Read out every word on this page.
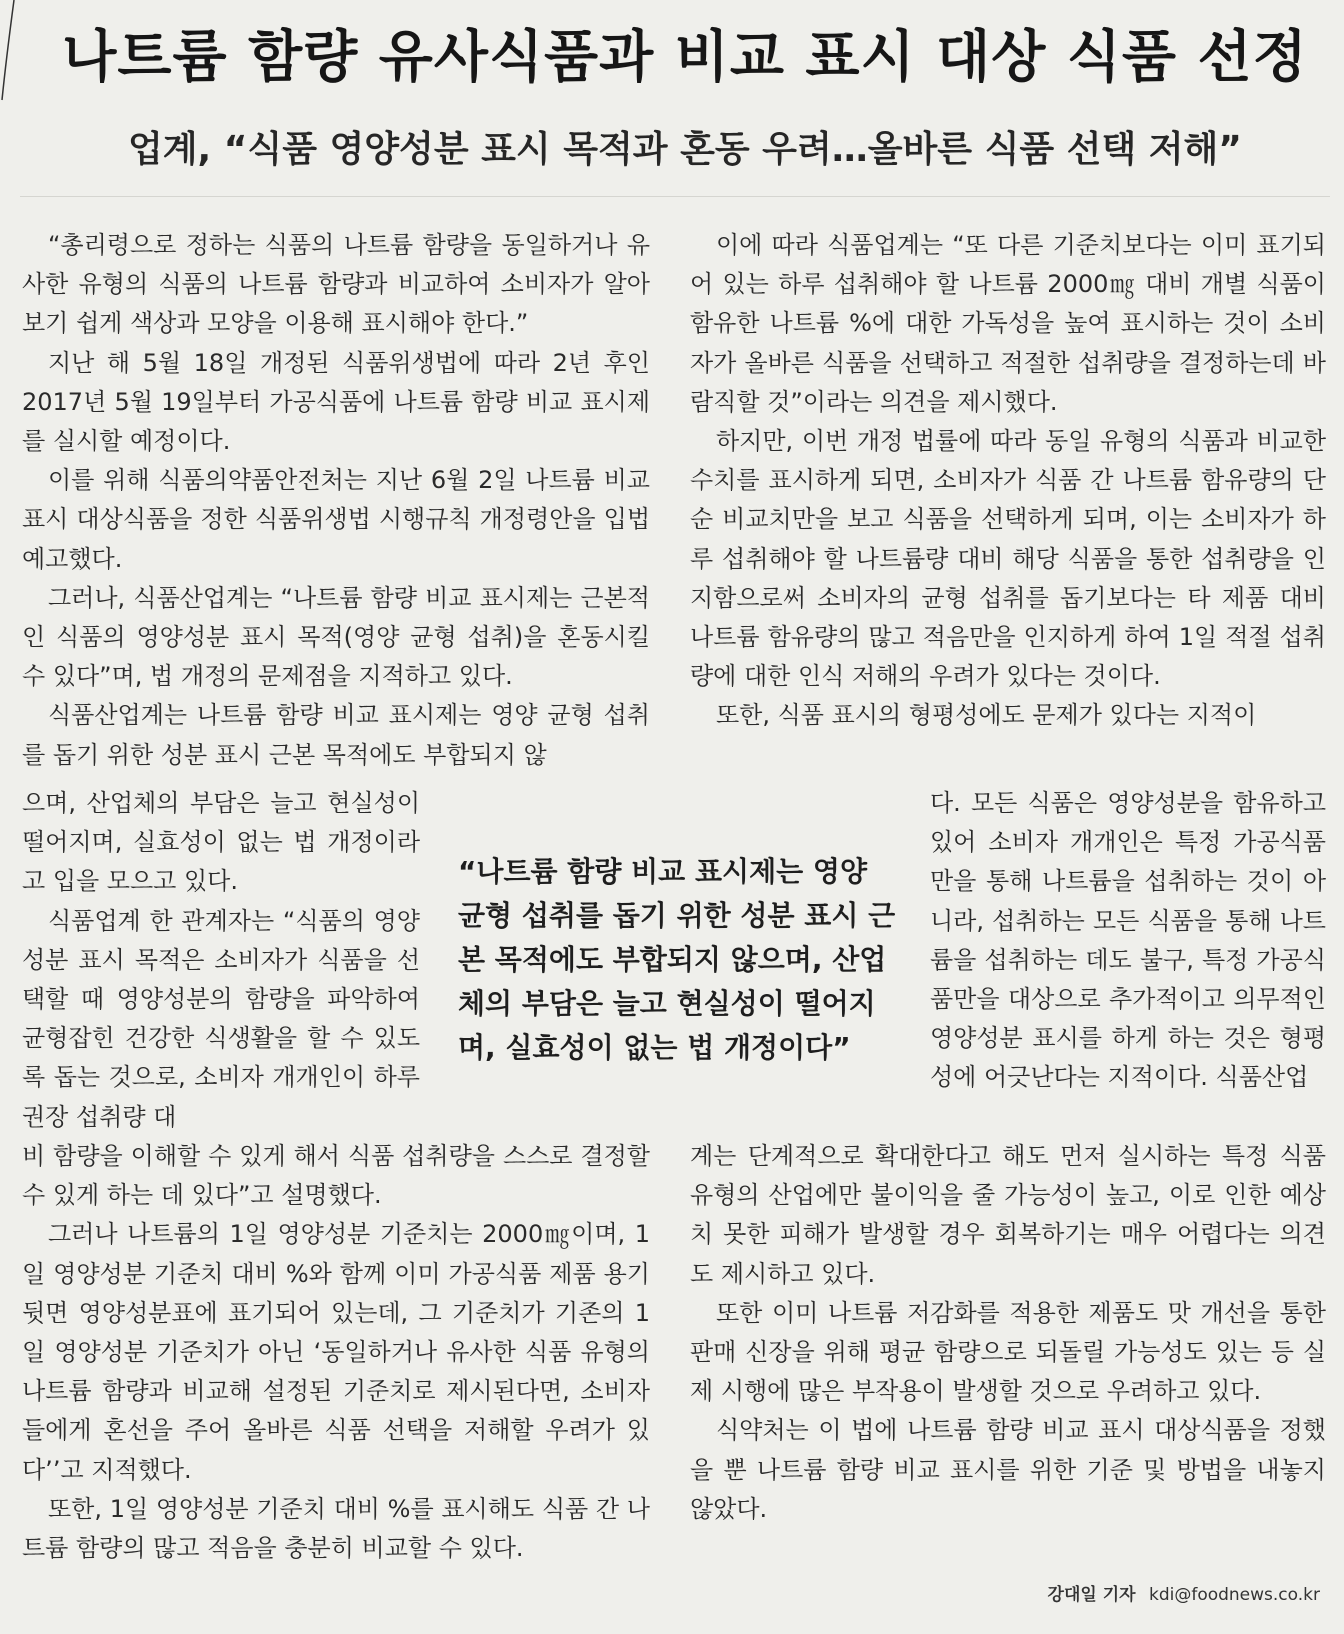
나트륨 함량 유사식품과 비교 표시 대상 식품 선정
업계, “식품 영양성분 표시 목적과 혼동 우려…올바른 식품 선택 저해”

“총리령으로 정하는 식품의 나트륨 함량을 동일하거나 유사한 유형의 식품의 나트륨 함량과 비교하여 소비자가 알아보기 쉽게 색상과 모양을 이용해 표시해야 한다.”

지난 해 5월 18일 개정된 식품위생법에 따라 2년 후인 2017년 5월 19일부터 가공식품에 나트륨 함량 비교 표시제를 실시할 예정이다.

이를 위해 식품의약품안전처는 지난 6월 2일 나트륨 비교 표시 대상식품을 정한 식품위생법 시행규칙 개정령안을 입법예고했다.

그러나, 식품산업계는 “나트륨 함량 비교 표시제는 근본적인 식품의 영양성분 표시 목적(영양 균형 섭취)을 혼동시킬 수 있다”며, 법 개정의 문제점을 지적하고 있다.

식품산업계는 나트륨 함량 비교 표시제는 영양 균형 섭취를 돕기 위한 성분 표시 근본 목적에도 부합되지 않

으며, 산업체의 부담은 늘고 현실성이 떨어지며, 실효성이 없는 법 개정이라고 입을 모으고 있다.

식품업계 한 관계자는 “식품의 영양성분 표시 목적은 소비자가 식품을 선택할 때 영양성분의 함량을 파악하여 균형잡힌 건강한 식생활을 할 수 있도록 돕는 것으로, 소비자 개개인이 하루 권장 섭취량 대

“나트륨 함량 비교 표시제는 영양 균형 섭취를 돕기 위한 성분 표시 근본 목적에도 부합되지 않으며, 산업체의 부담은 늘고 현실성이 떨어지며, 실효성이 없는 법 개정이다”

비 함량을 이해할 수 있게 해서 식품 섭취량을 스스로 결정할 수 있게 하는 데 있다”고 설명했다.

그러나 나트륨의 1일 영양성분 기준치는 2000㎎이며, 1일 영양성분 기준치 대비 %와 함께 이미 가공식품 제품 용기 뒷면 영양성분표에 표기되어 있는데, 그 기준치가 기존의 1일 영양성분 기준치가 아닌 ‘동일하거나 유사한 식품 유형의 나트륨 함량과 비교해 설정된 기준치로 제시된다면, 소비자들에게 혼선을 주어 올바른 식품 선택을 저해할 우려가 있다’’고 지적했다.

또한, 1일 영양성분 기준치 대비 %를 표시해도 식품 간 나트륨 함량의 많고 적음을 충분히 비교할 수 있다.

이에 따라 식품업계는 “또 다른 기준치보다는 이미 표기되어 있는 하루 섭취해야 할 나트륨 2000㎎ 대비 개별 식품이 함유한 나트륨 %에 대한 가독성을 높여 표시하는 것이 소비자가 올바른 식품을 선택하고 적절한 섭취량을 결정하는데 바람직할 것”이라는 의견을 제시했다.

하지만, 이번 개정 법률에 따라 동일 유형의 식품과 비교한 수치를 표시하게 되면, 소비자가 식품 간 나트륨 함유량의 단순 비교치만을 보고 식품을 선택하게 되며, 이는 소비자가 하루 섭취해야 할 나트륨량 대비 해당 식품을 통한 섭취량을 인지함으로써 소비자의 균형 섭취를 돕기보다는 타 제품 대비 나트륨 함유량의 많고 적음만을 인지하게 하여 1일 적절 섭취량에 대한 인식 저해의 우려가 있다는 것이다.

또한, 식품 표시의 형평성에도 문제가 있다는 지적이

다. 모든 식품은 영양성분을 함유하고 있어 소비자 개개인은 특정 가공식품만을 통해 나트륨을 섭취하는 것이 아니라, 섭취하는 모든 식품을 통해 나트륨을 섭취하는 데도 불구, 특정 가공식품만을 대상으로 추가적이고 의무적인 영양성분 표시를 하게 하는 것은 형평성에 어긋난다는 지적이다. 식품산업

계는 단계적으로 확대한다고 해도 먼저 실시하는 특정 식품 유형의 산업에만 불이익을 줄 가능성이 높고, 이로 인한 예상치 못한 피해가 발생할 경우 회복하기는 매우 어렵다는 의견도 제시하고 있다.

또한 이미 나트륨 저감화를 적용한 제품도 맛 개선을 통한 판매 신장을 위해 평균 함량으로 되돌릴 가능성도 있는 등 실제 시행에 많은 부작용이 발생할 것으로 우려하고 있다.

식약처는 이 법에 나트륨 함량 비교 표시 대상식품을 정했을 뿐 나트륨 함량 비교 표시를 위한 기준 및 방법을 내놓지 않았다.

강대일 기자 kdi@foodnews.co.kr
